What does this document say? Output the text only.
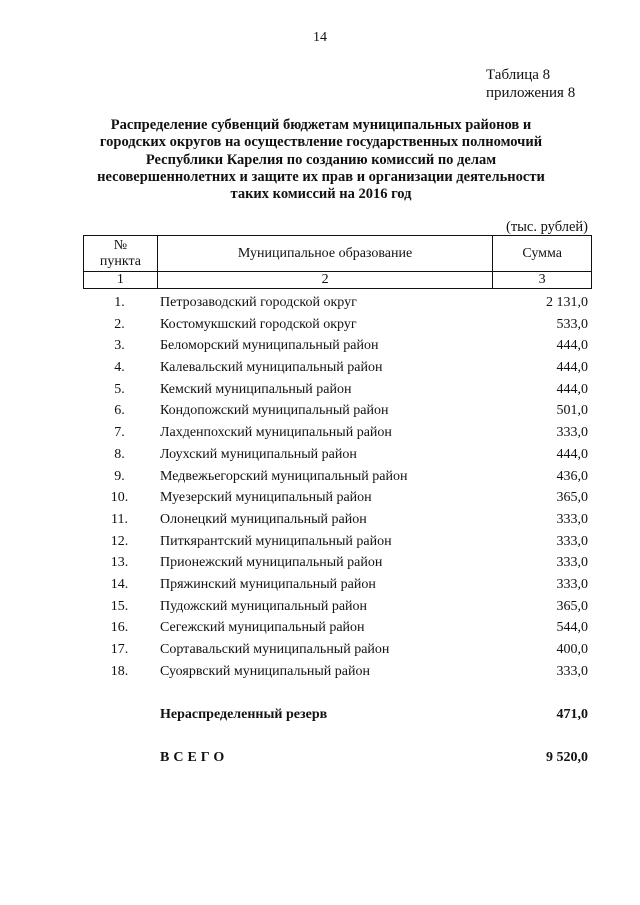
14
Таблица 8
приложения 8
Распределение субвенций бюджетам муниципальных районов и городских округов на осуществление государственных полномочий Республики Карелия по созданию комиссий по делам несовершеннолетних и защите их прав и организации деятельности таких комиссий на 2016 год
(тыс. рублей)
№
пункта	Муниципальное образование	Сумма
1	2	3
1.	Петрозаводский городской округ	2 131,0
2.	Костомукшский городской округ	533,0
3.	Беломорский муниципальный район	444,0
4.	Калевальский муниципальный район	444,0
5.	Кемский муниципальный район	444,0
6.	Кондопожский муниципальный район	501,0
7.	Лахденпохский муниципальный район	333,0
8.	Лоухский муниципальный район	444,0
9.	Медвежьегорский муниципальный район	436,0
10.	Муезерский муниципальный район	365,0
11.	Олонецкий муниципальный район	333,0
12.	Питкярантский муниципальный район	333,0
13.	Прионежский муниципальный район	333,0
14.	Пряжинский муниципальный район	333,0
15.	Пудожский муниципальный район	365,0
16.	Сегежский муниципальный район	544,0
17.	Сортавальский муниципальный район	400,0
18.	Суоярвский муниципальный район	333,0
Нераспределенный резерв	471,0
ВСЕГО	9 520,0
